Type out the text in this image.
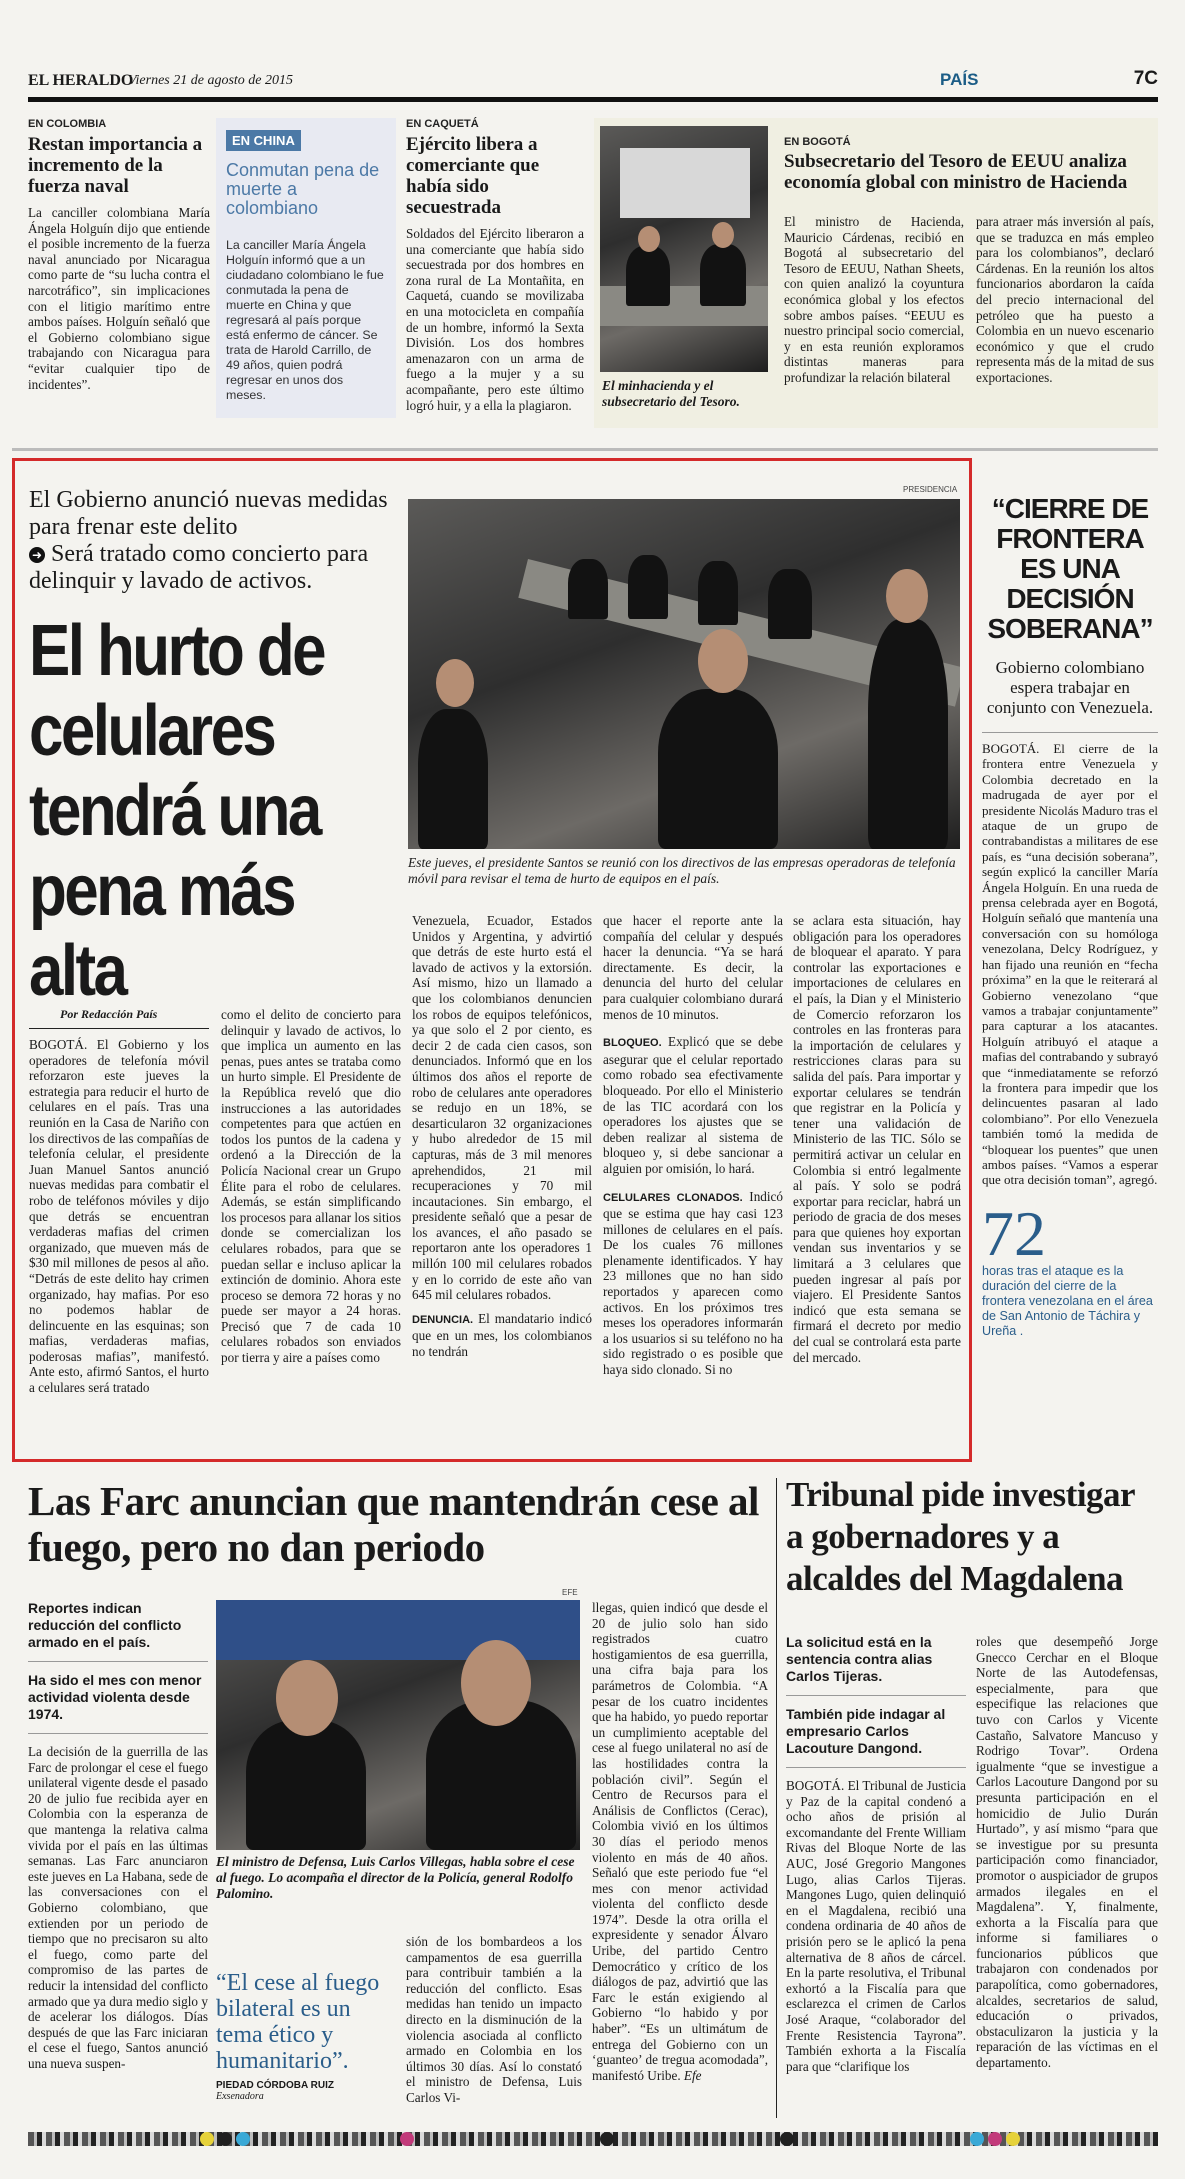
EL HERALDO
Viernes 21 de agosto de 2015	PAÍS	7C
EN COLOMBIA
Restan importancia a incremento de la fuerza naval

La canciller colombiana María Ángela Holguín dijo que entiende el posible incremento de la fuerza naval anunciado por Nicaragua como parte de “su lucha contra el narcotráfico”, sin implicaciones con el litigio marítimo entre ambos países. Holguín señaló que el Gobierno colombiano sigue trabajando con Nicaragua para “evitar cualquier tipo de incidentes”.

EN CHINA
Conmutan pena de muerte a colombiano

La canciller María Ángela Holguín informó que a un ciudadano colombiano le fue conmutada la pena de muerte en China y que regresará al país porque está enfermo de cáncer. Se trata de Harold Carrillo, de 49 años, quien podrá regresar en unos dos meses.

EN CAQUETÁ
Ejército libera a comerciante que había sido secuestrada

Soldados del Ejército liberaron a una comerciante que había sido secuestrada por dos hombres en zona rural de La Montañita, en Caquetá, cuando se movilizaba en una motocicleta en compañía de un hombre, informó la Sexta División. Los dos hombres amenazaron con un arma de fuego a la mujer y a su acompañante, pero este último logró huir, y a ella la plagiaron.

El minhacienda y el subsecretario del Tesoro.
EN BOGOTÁ
Subsecretario del Tesoro de EEUU analiza economía global con ministro de Hacienda

El ministro de Hacienda, Mauricio Cárdenas, recibió en Bogotá al subsecretario del Tesoro de EEUU, Nathan Sheets, con quien analizó la coyuntura económica global y los efectos sobre ambos países. “EEUU es nuestro principal socio comercial, y en esta reunión exploramos distintas maneras para profundizar la relación bilateral

para atraer más inversión al país, que se traduzca en más empleo para los colombianos”, declaró Cárdenas. En la reunión los altos funcionarios abordaron la caída del precio internacional del petróleo que ha puesto a Colombia en un nuevo escenario económico y que el crudo representa más de la mitad de sus exportaciones.

El Gobierno anunció nuevas medidas para frenar este delito
➜ Será tratado como concierto para delinquir y lavado de activos.
El hurto de celulares tendrá una pena más alta
PRESIDENCIA
Este jueves, el presidente Santos se reunió con los directivos de las empresas operadoras de telefonía móvil para revisar el tema de hurto de equipos en el país.
Por Redacción País

BOGOTÁ. El Gobierno y los operadores de telefonía móvil reforzaron este jueves la estrategia para reducir el hurto de celulares en el país. Tras una reunión en la Casa de Nariño con los directivos de las compañías de telefonía celular, el presidente Juan Manuel Santos anunció nuevas medidas para combatir el robo de teléfonos móviles y dijo que detrás se encuentran verdaderas mafias del crimen organizado, que mueven más de $30 mil millones de pesos al año. “Detrás de este delito hay crimen organizado, hay mafias. Por eso no podemos hablar de delincuente en las esquinas; son mafias, verdaderas mafias, poderosas mafias”, manifestó. Ante esto, afirmó Santos, el hurto a celulares será tratado

como el delito de concierto para delinquir y lavado de activos, lo que implica un aumento en las penas, pues antes se trataba como un hurto simple. El Presidente de la República reveló que dio instrucciones a las autoridades competentes para que actúen en todos los puntos de la cadena y ordenó a la Dirección de la Policía Nacional crear un Grupo Élite para el robo de celulares. Además, se están simplificando los procesos para allanar los sitios donde se comercializan los celulares robados, para que se puedan sellar e incluso aplicar la extinción de dominio. Ahora este proceso se demora 72 horas y no puede ser mayor a 24 horas. Precisó que 7 de cada 10 celulares robados son enviados por tierra y aire a países como

Venezuela, Ecuador, Estados Unidos y Argentina, y advirtió que detrás de este hurto está el lavado de activos y la extorsión. Así mismo, hizo un llamado a que los colombianos denuncien los robos de equipos telefónicos, ya que solo el 2 por ciento, es decir 2 de cada cien casos, son denunciados. Informó que en los últimos dos años el reporte de robo de celulares ante operadores se redujo en un 18%, se desarticularon 32 organizaciones y hubo alrededor de 15 mil capturas, más de 3 mil menores aprehendidos, 21 mil recuperaciones y 70 mil incautaciones. Sin embargo, el presidente señaló que a pesar de los avances, el año pasado se reportaron ante los operadores 1 millón 100 mil celulares robados y en lo corrido de este año van 645 mil celulares robados.

DENUNCIA. El mandatario indicó que en un mes, los colombianos no tendrán

que hacer el reporte ante la compañía del celular y después hacer la denuncia. “Ya se hará directamente. Es decir, la denuncia del hurto del celular para cualquier colombiano durará menos de 10 minutos.

BLOQUEO. Explicó que se debe asegurar que el celular reportado como robado sea efectivamente bloqueado. Por ello el Ministerio de las TIC acordará con los operadores los ajustes que se deben realizar al sistema de bloqueo y, si debe sancionar a alguien por omisión, lo hará.

CELULARES CLONADOS. Indicó que se estima que hay casi 123 millones de celulares en el país. De los cuales 76 millones plenamente identificados. Y hay 23 millones que no han sido reportados y aparecen como activos. En los próximos tres meses los operadores informarán a los usuarios si su teléfono no ha sido registrado o es posible que haya sido clonado. Si no

se aclara esta situación, hay obligación para los operadores de bloquear el aparato. Y para controlar las exportaciones e importaciones de celulares en el país, la Dian y el Ministerio de Comercio reforzaron los controles en las fronteras para la importación de celulares y restricciones claras para su salida del país. Para importar y exportar celulares se tendrán que registrar en la Policía y tener una validación de Ministerio de las TIC. Sólo se permitirá activar un celular en Colombia si entró legalmente al país. Y solo se podrá exportar para reciclar, habrá un periodo de gracia de dos meses para que quienes hoy exportan vendan sus inventarios y se limitará a 3 celulares que pueden ingresar al país por viajero. El Presidente Santos indicó que esta semana se firmará el decreto por medio del cual se controlará esta parte del mercado.

“CIERRE DE FRONTERA ES UNA DECISIÓN SOBERANA”
Gobierno colombiano espera trabajar en conjunto con Venezuela.

BOGOTÁ. El cierre de la frontera entre Venezuela y Colombia decretado en la madrugada de ayer por el presidente Nicolás Maduro tras el ataque de un grupo de contrabandistas a militares de ese país, es “una decisión soberana”, según explicó la canciller María Ángela Holguín. En una rueda de prensa celebrada ayer en Bogotá, Holguín señaló que mantenía una conversación con su homóloga venezolana, Delcy Rodríguez, y han fijado una reunión en “fecha próxima” en la que le reiterará al Gobierno venezolano “que vamos a trabajar conjuntamente” para capturar a los atacantes. Holguín atribuyó el ataque a mafias del contrabando y subrayó que “inmediatamente se reforzó la frontera para impedir que los delincuentes pasaran al lado colombiano”. Por ello Venezuela también tomó la medida de “bloquear los puentes” que unen ambos países. “Vamos a esperar que otra decisión toman”, agregó.

72
horas tras el ataque es la duración del cierre de la frontera venezolana en el área de San Antonio de Táchira y Ureña .
Las Farc anuncian que mantendrán cese al fuego, pero no dan periodo
Reportes indican reducción del conflicto armado en el país.
Ha sido el mes con menor actividad violenta desde 1974.

La decisión de la guerrilla de las Farc de prolongar el cese el fuego unilateral vigente desde el pasado 20 de julio fue recibida ayer en Colombia con la esperanza de que mantenga la relativa calma vivida por el país en las últimas semanas. Las Farc anunciaron este jueves en La Habana, sede de las conversaciones con el Gobierno colombiano, que extienden por un periodo de tiempo que no precisaron su alto el fuego, como parte del compromiso de las partes de reducir la intensidad del conflicto armado que ya dura medio siglo y de acelerar los diálogos. Días después de que las Farc iniciaran el cese el fuego, Santos anunció una nueva suspen-

EFE
El ministro de Defensa, Luis Carlos Villegas, habla sobre el cese al fuego. Lo acompaña el director de la Policía, general Rodolfo Palomino.
“El cese al fuego bilateral es un tema ético y humanitario”.
PIEDAD CÓRDOBA RUIZ
Exsenadora

sión de los bombardeos a los campamentos de esa guerrilla para contribuir también a la reducción del conflicto. Esas medidas han tenido un impacto directo en la disminución de la violencia asociada al conflicto armado en Colombia en los últimos 30 días. Así lo constató el ministro de Defensa, Luis Carlos Vi-

llegas, quien indicó que desde el 20 de julio solo han sido registrados cuatro hostigamientos de esa guerrilla, una cifra baja para los parámetros de Colombia. “A pesar de los cuatro incidentes que ha habido, yo puedo reportar un cumplimiento aceptable del cese al fuego unilateral no así de las hostilidades contra la población civil”. Según el Centro de Recursos para el Análisis de Conflictos (Cerac), Colombia vivió en los últimos 30 días el periodo menos violento en más de 40 años. Señaló que este periodo fue “el mes con menor actividad violenta del conflicto desde 1974”. Desde la otra orilla el expresidente y senador Álvaro Uribe, del partido Centro Democrático y crítico de los diálogos de paz, advirtió que las Farc le están exigiendo al Gobierno “lo habido y por haber”. “Es un ultimátum de entrega del Gobierno con un ‘guanteo’ de tregua acomodada”, manifestó Uribe. Efe

Tribunal pide investigar a gobernadores y a alcaldes del Magdalena
La solicitud está en la sentencia contra alias Carlos Tijeras.
También pide indagar al empresario Carlos Lacouture Dangond.

BOGOTÁ. El Tribunal de Justicia y Paz de la capital condenó a ocho años de prisión al excomandante del Frente William Rivas del Bloque Norte de las AUC, José Gregorio Mangones Lugo, alias Carlos Tijeras. Mangones Lugo, quien delinquió en el Magdalena, recibió una condena ordinaria de 40 años de prisión pero se le aplicó la pena alternativa de 8 años de cárcel. En la parte resolutiva, el Tribunal exhortó a la Fiscalía para que esclarezca el crimen de Carlos José Araque, “colaborador del Frente Resistencia Tayrona”. También exhorta a la Fiscalía para que “clarifique los

roles que desempeñó Jorge Gnecco Cerchar en el Bloque Norte de las Autodefensas, especialmente, para que especifique las relaciones que tuvo con Carlos y Vicente Castaño, Salvatore Mancuso y Rodrigo Tovar”. Ordena igualmente “que se investigue a Carlos Lacouture Dangond por su presunta participación en el homicidio de Julio Durán Hurtado”, y así mismo “para que se investigue por su presunta participación como financiador, promotor o auspiciador de grupos armados ilegales en el Magdalena”. Y, finalmente, exhorta a la Fiscalía para que informe si familiares o funcionarios públicos que trabajaron con condenados por parapolítica, como gobernadores, alcaldes, secretarios de salud, educación o privados, obstaculizaron la justicia y la reparación de las víctimas en el departamento.
